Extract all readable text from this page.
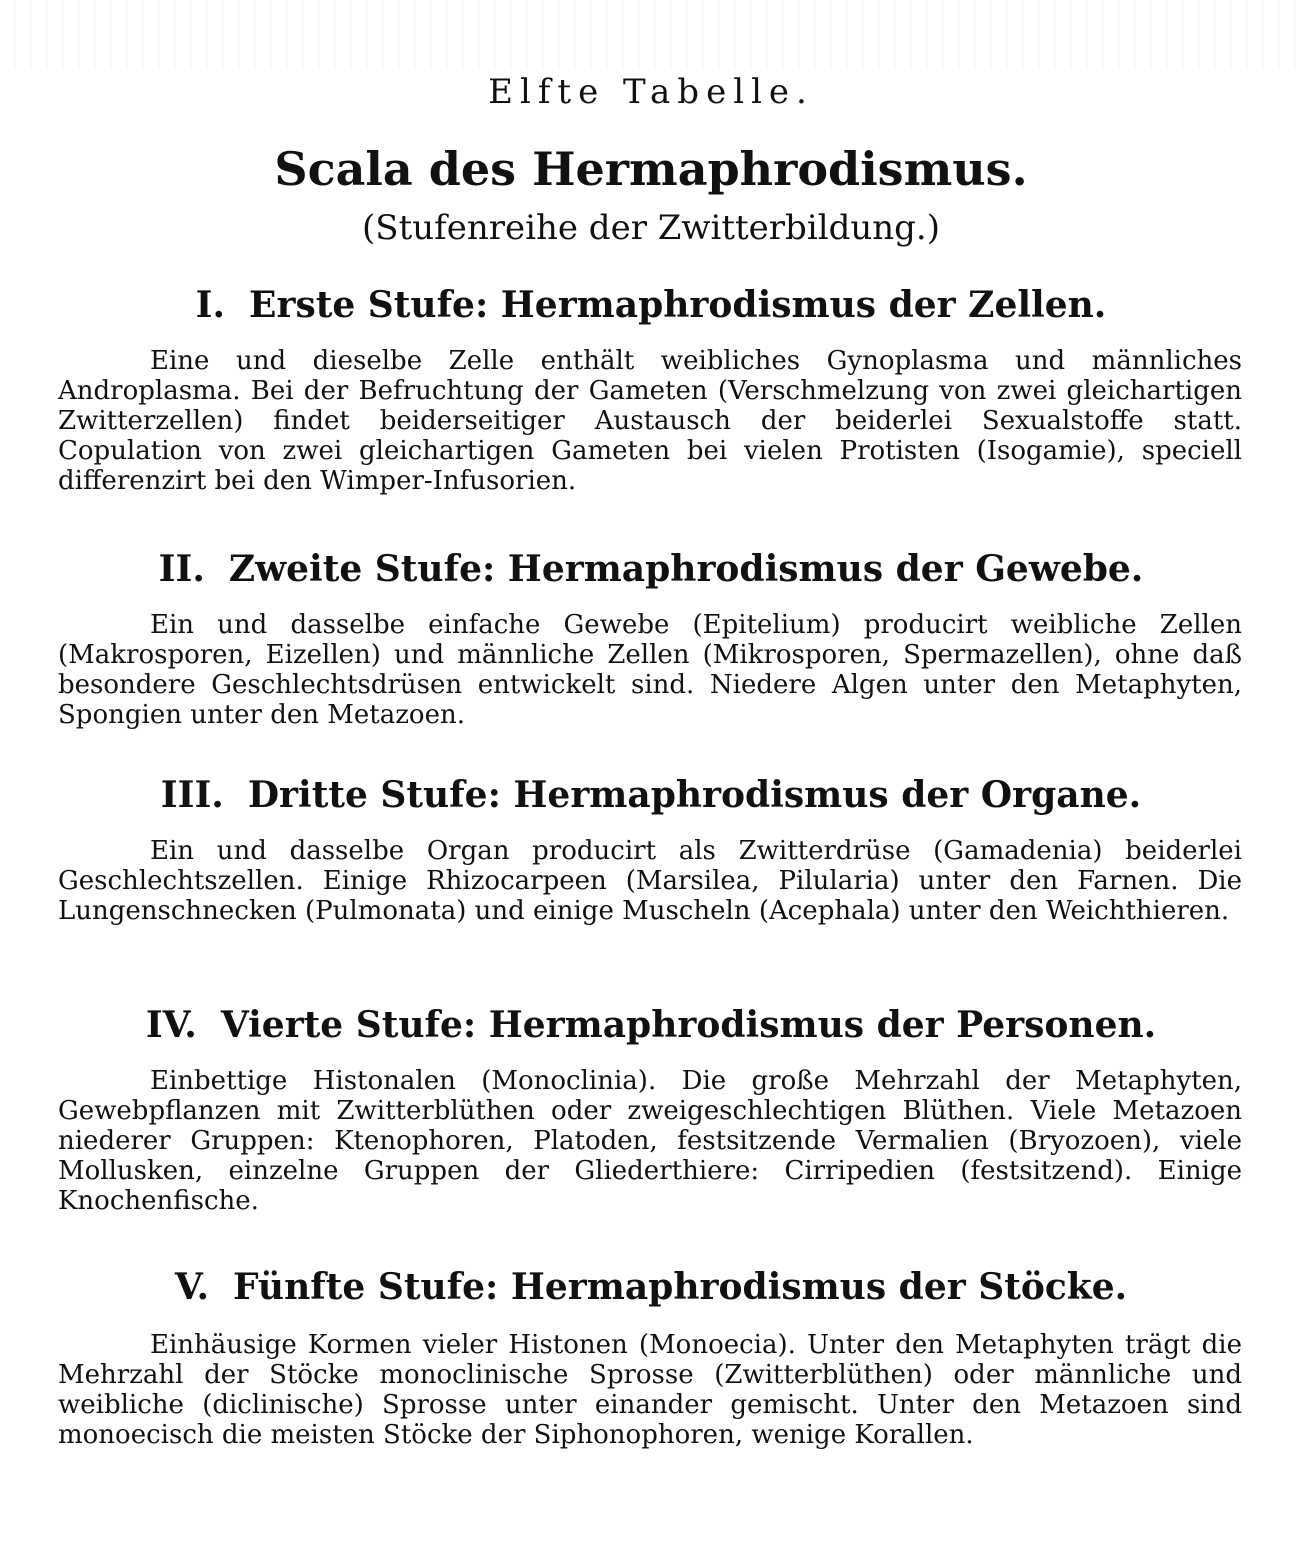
Elfte Tabelle.
Scala des Hermaphrodismus.
(Stufenreihe der Zwitterbildung.)
I. Erste Stufe: Hermaphrodismus der Zellen.

Eine und dieselbe Zelle enthält weibliches Gynoplasma und männliches Androplasma. Bei der Befruchtung der Gameten (Verschmelzung von zwei gleichartigen Zwitterzellen) findet beiderseitiger Austausch der beiderlei Sexualstoffe statt. Copulation von zwei gleichartigen Gameten bei vielen Protisten (Isogamie), speciell differenzirt bei den Wimper-Infusorien.

II. Zweite Stufe: Hermaphrodismus der Gewebe.

Ein und dasselbe einfache Gewebe (Epitelium) producirt weibliche Zellen (Makrosporen, Eizellen) und männliche Zellen (Mikrosporen, Spermazellen), ohne daß besondere Geschlechtsdrüsen entwickelt sind. Niedere Algen unter den Metaphyten, Spongien unter den Metazoen.

III. Dritte Stufe: Hermaphrodismus der Organe.

Ein und dasselbe Organ producirt als Zwitterdrüse (Gamadenia) beiderlei Geschlechtszellen. Einige Rhizocarpeen (Marsilea, Pilularia) unter den Farnen. Die Lungenschnecken (Pulmonata) und einige Muscheln (Acephala) unter den Weichthieren.

IV. Vierte Stufe: Hermaphrodismus der Personen.

Einbettige Histonalen (Monoclinia). Die große Mehrzahl der Metaphyten, Gewebpflanzen mit Zwitterblüthen oder zweigeschlechtigen Blüthen. Viele Metazoen niederer Gruppen: Ktenophoren, Platoden, festsitzende Vermalien (Bryozoen), viele Mollusken, einzelne Gruppen der Gliederthiere: Cirripedien (festsitzend). Einige Knochenfische.

V. Fünfte Stufe: Hermaphrodismus der Stöcke.

Einhäusige Kormen vieler Histonen (Monoecia). Unter den Metaphyten trägt die Mehrzahl der Stöcke monoclinische Sprosse (Zwitterblüthen) oder männliche und weibliche (diclinische) Sprosse unter einander gemischt. Unter den Metazoen sind monoecisch die meisten Stöcke der Siphonophoren, wenige Korallen.
